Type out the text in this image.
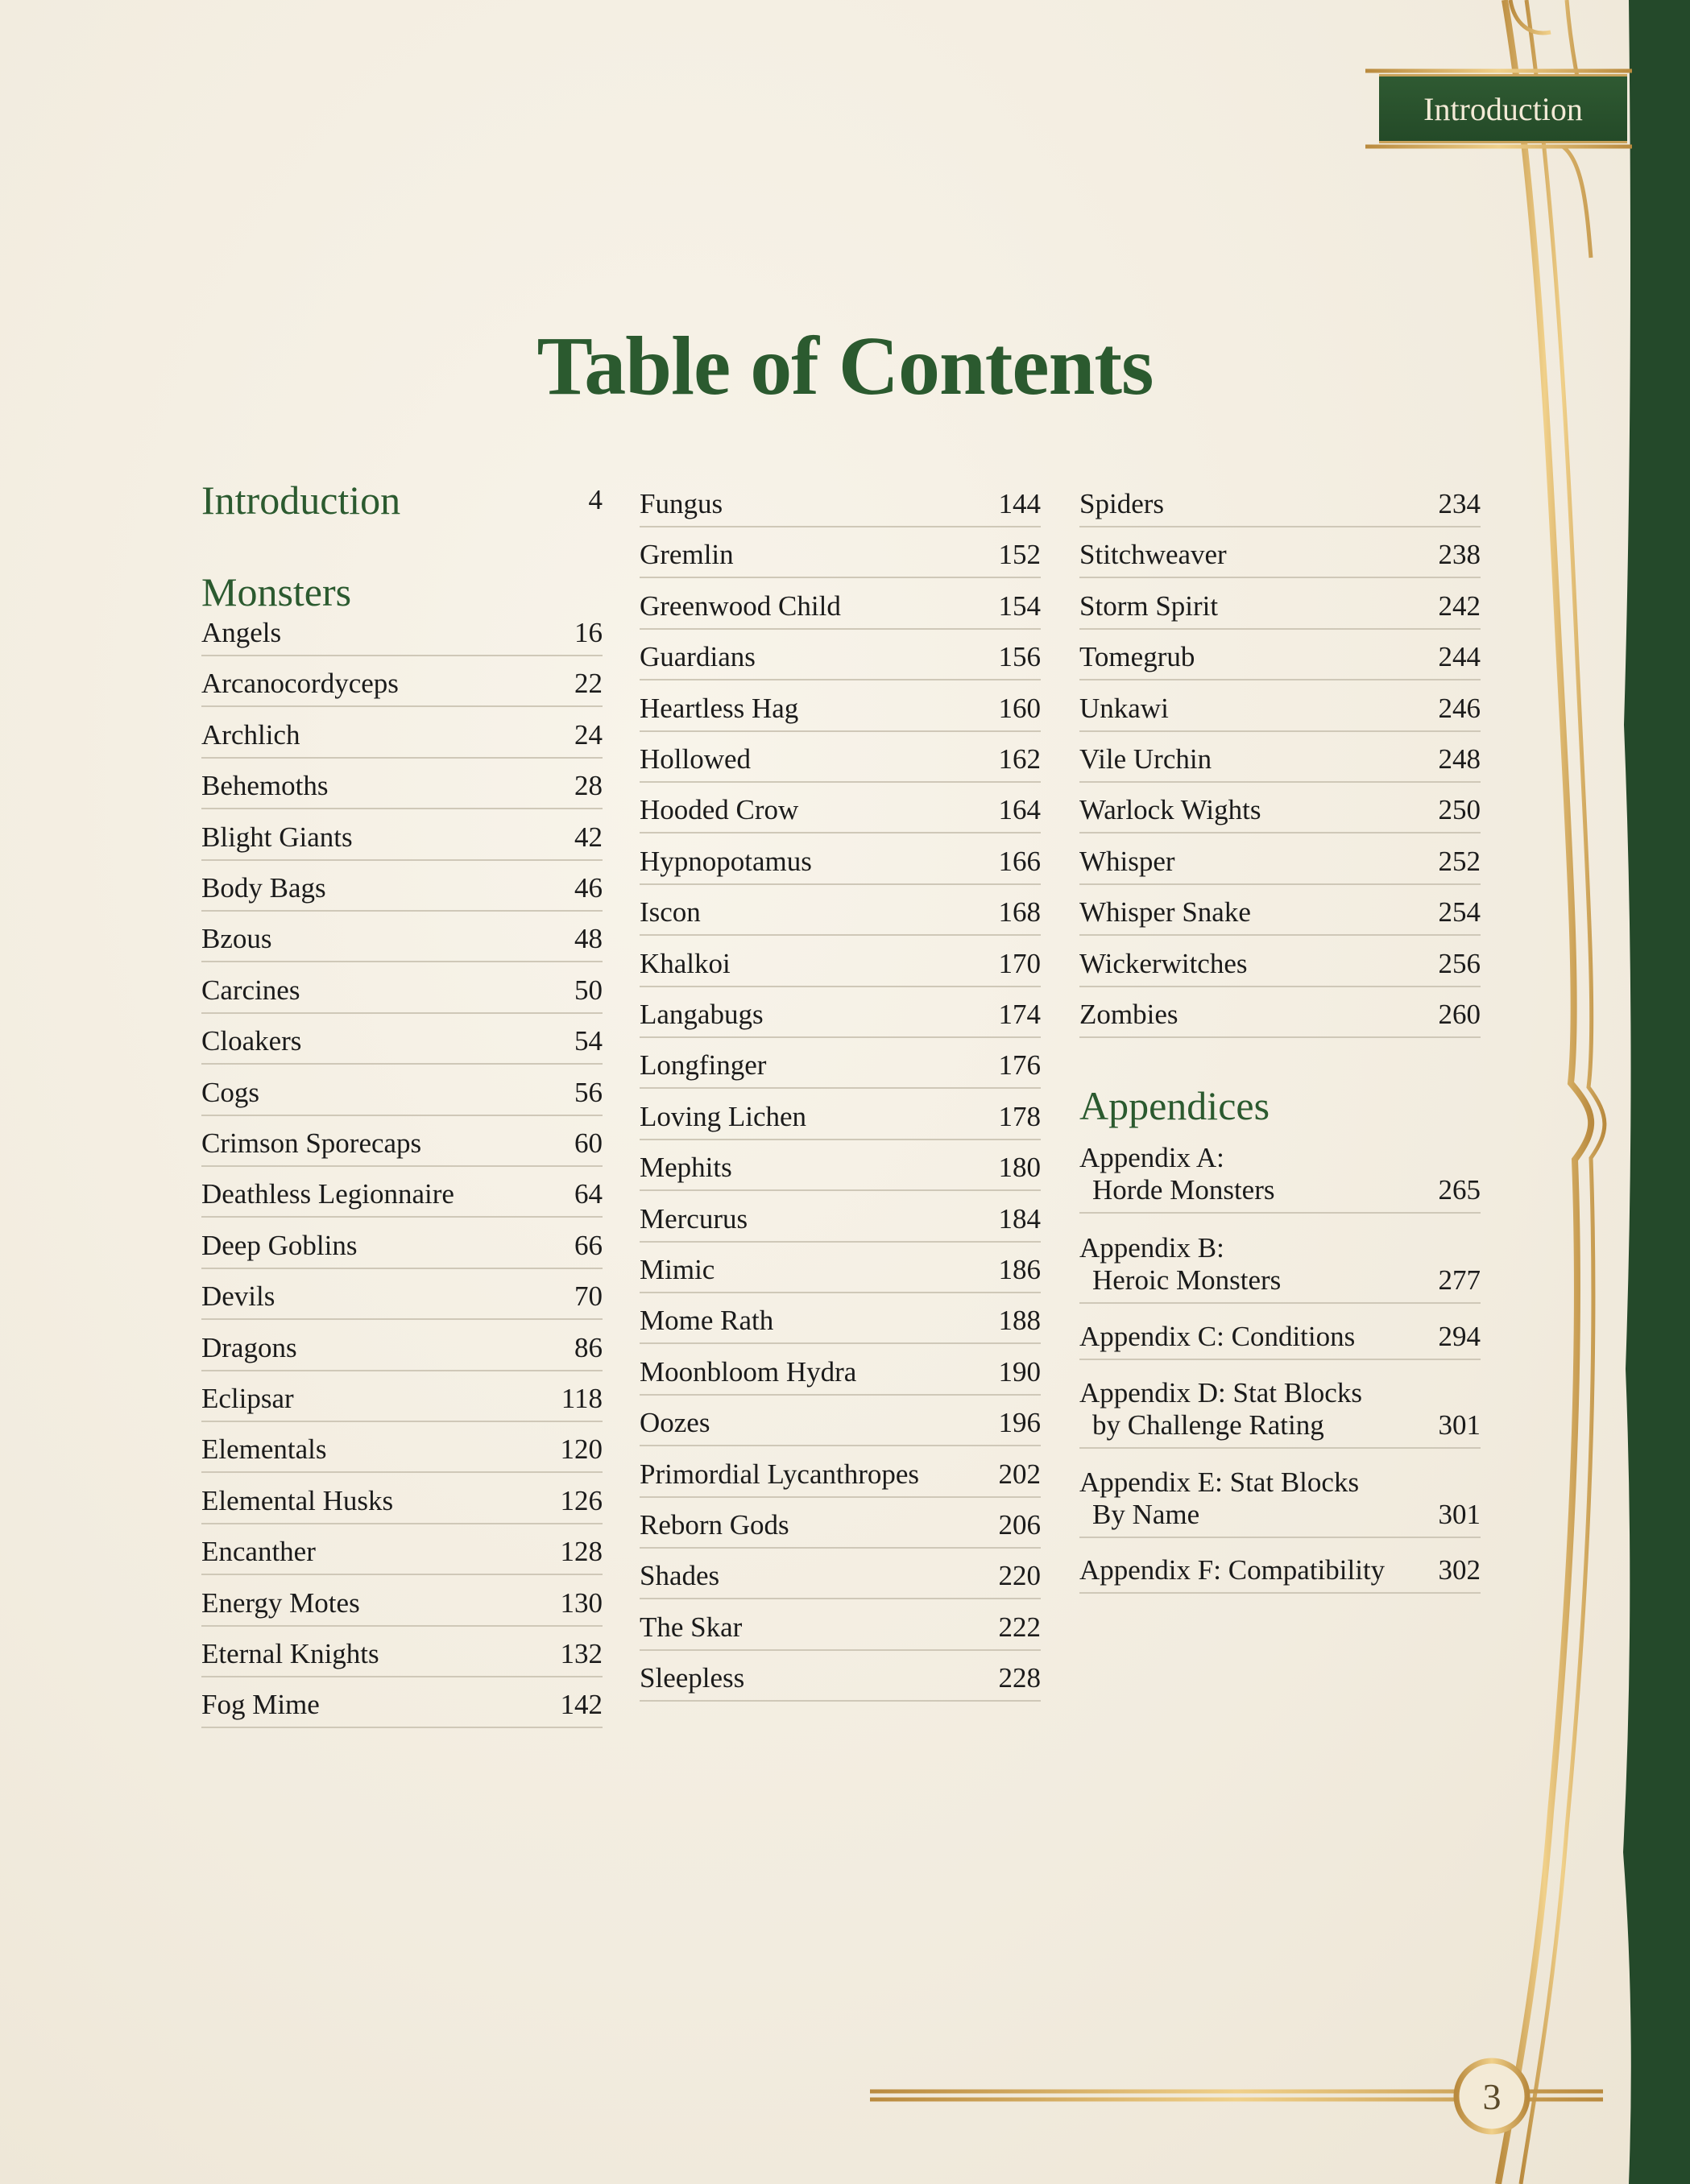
Introduction
Table of Contents
Introduction	4
Monsters
Angels	16
Arcanocordyceps	22
Archlich	24
Behemoths	28
Blight Giants	42
Body Bags	46
Bzous	48
Carcines	50
Cloakers	54
Cogs	56
Crimson Sporecaps	60
Deathless Legionnaire	64
Deep Goblins	66
Devils	70
Dragons	86
Eclipsar	118
Elementals	120
Elemental Husks	126
Encanther	128
Energy Motes	130
Eternal Knights	132
Fog Mime	142
Fungus	144
Gremlin	152
Greenwood Child	154
Guardians	156
Heartless Hag	160
Hollowed	162
Hooded Crow	164
Hypnopotamus	166
Iscon	168
Khalkoi	170
Langabugs	174
Longfinger	176
Loving Lichen	178
Mephits	180
Mercurus	184
Mimic	186
Mome Rath	188
Moonbloom Hydra	190
Oozes	196
Primordial Lycanthropes	202
Reborn Gods	206
Shades	220
The Skar	222
Sleepless	228
Spiders	234
Stitchweaver	238
Storm Spirit	242
Tomegrub	244
Unkawi	246
Vile Urchin	248
Warlock Wights	250
Whisper	252
Whisper Snake	254
Wickerwitches	256
Zombies	260
Appendices
Appendix A:
Horde Monsters	265
Appendix B:
Heroic Monsters	277
Appendix C: Conditions	294
Appendix D: Stat Blocks
by Challenge Rating	301
Appendix E: Stat Blocks
By Name	301
Appendix F: Compatibility 302
3
